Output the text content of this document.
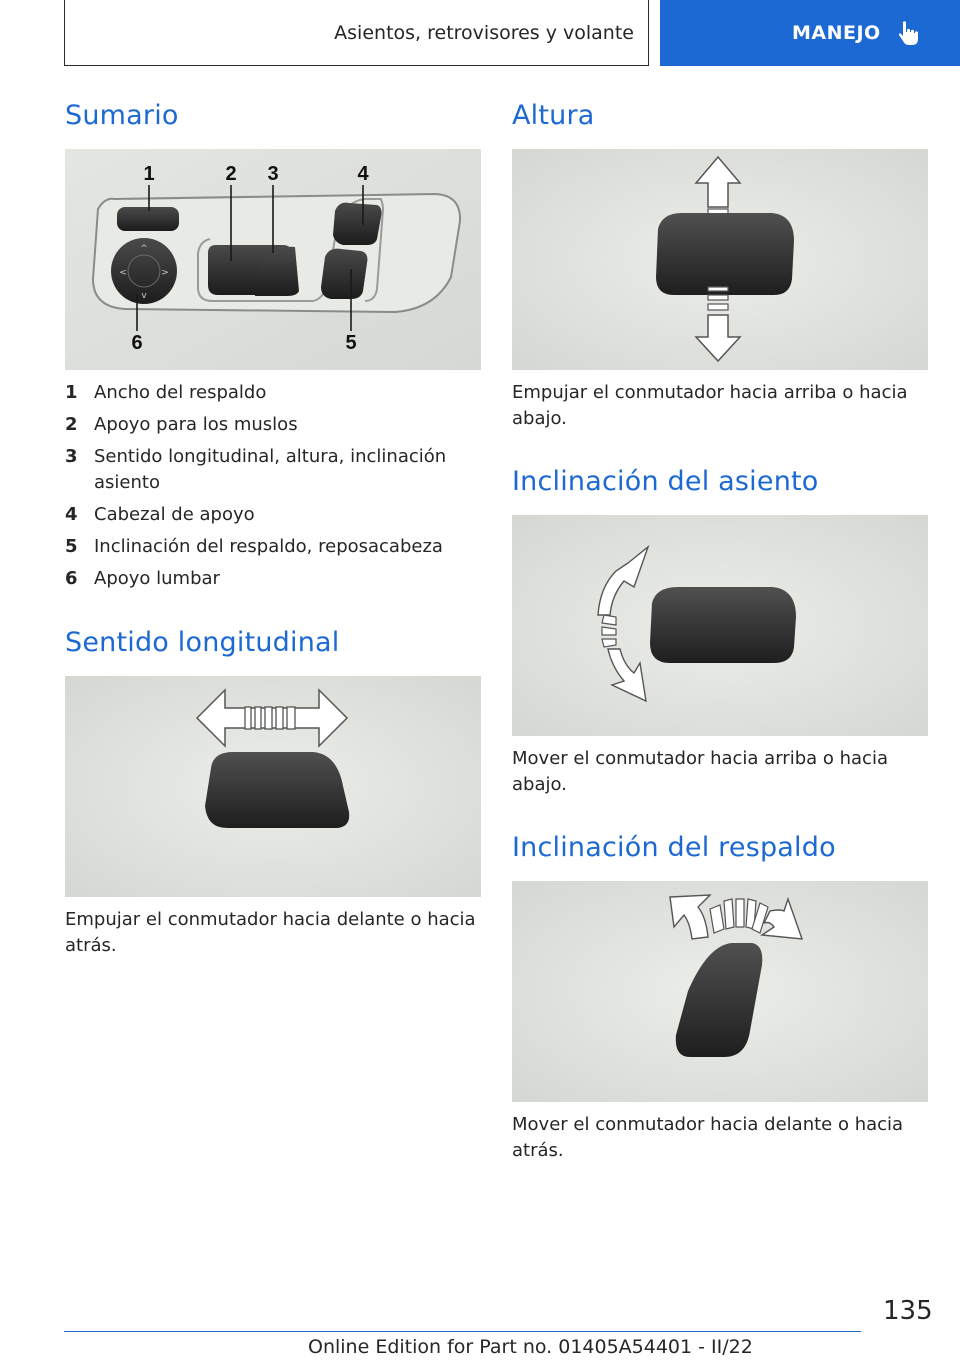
Asientos, retrovisores y volante	MANEJO
Sumario
^
v
<	>
1	2 3	4
6	5
1 Ancho del respaldo
2 Apoyo para los muslos
3 Sentido longitudinal, altura, inclinación asiento
4 Cabezal de apoyo
5 Inclinación del respaldo, reposacabeza
6 Apoyo lumbar
Sentido longitudinal

Empujar el conmutador hacia delante o hacia atrás.

Altura

Empujar el conmutador hacia arriba o hacia abajo.

Inclinación del asiento

Mover el conmutador hacia arriba o hacia abajo.

Inclinación del respaldo

Mover el conmutador hacia delante o hacia atrás.

135
Online Edition for Part no. 01405A54401 - II/22
